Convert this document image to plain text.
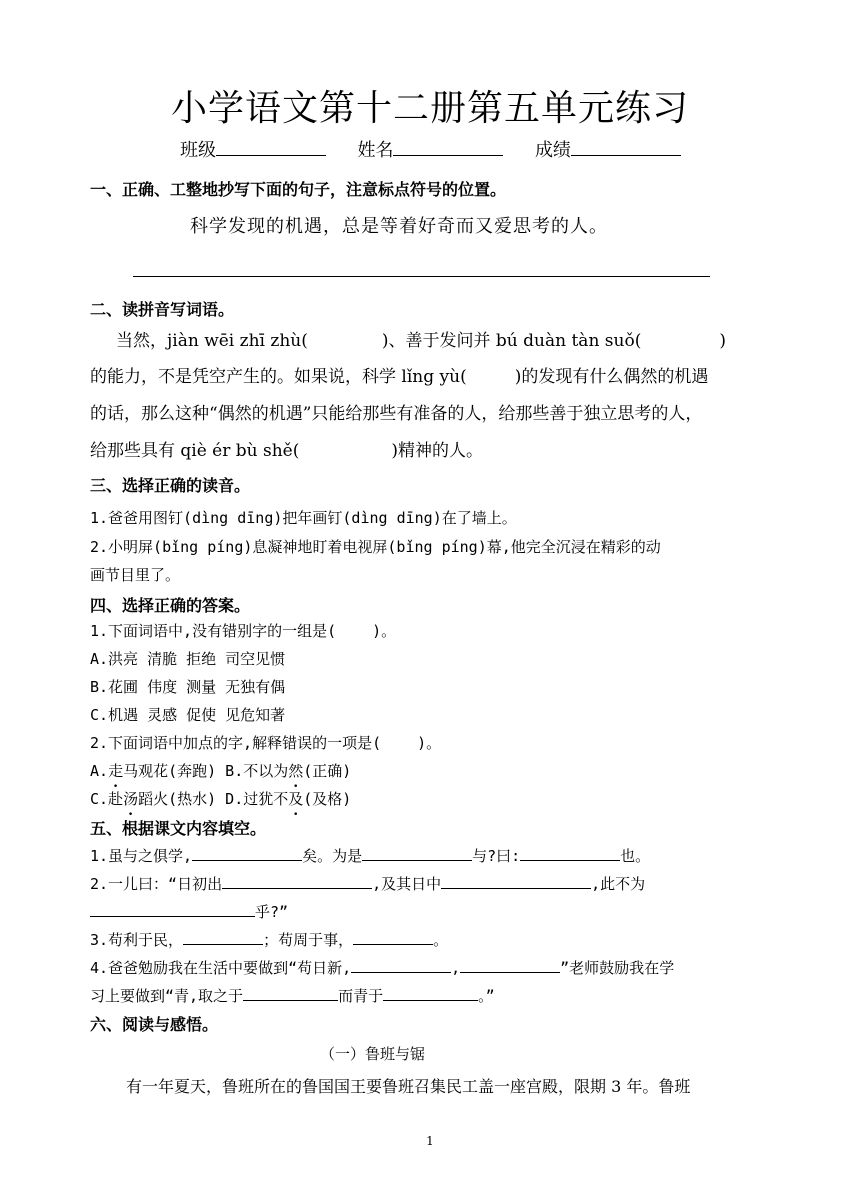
小学语文第十二册第五单元练习
班级	姓名	成绩
一、正确、工整地抄写下面的句子，注意标点符号的位置。
科学发现的机遇，总是等着好奇而又爱思考的人。
二、读拼音写词语。
当然，jiàn wēi zhī zhù(	)、善于发问并 bú duàn tàn suǒ(	)
的能力，不是凭空产生的。如果说，科学 lǐng yù(	)的发现有什么偶然的机遇
的话，那么这种“偶然的机遇”只能给那些有准备的人，给那些善于独立思考的人，
给那些具有 qiè ér bù shě(	)精神的人。
三、选择正确的读音。
1.爸爸用图钉(dìng dīng)把年画钉(dìng dīng)在了墙上。
2.小明屏(bǐng píng)息凝神地盯着电视屏(bǐng píng)幕,他完全沉浸在精彩的动
画节目里了。
四、选择正确的答案。
1.下面词语中,没有错别字的一组是( )。
A.洪亮 清脆 拒绝 司空见惯
B.花圃 伟度 测量 无独有偶
C.机遇 灵感 促使 见危知著
2.下面词语中加点的字,解释错误的一项是( )。
A.走马观花(奔跑) B.不以为然(正确)
C.赴汤蹈火(热水) D.过犹不及(及格)
五、根据课文内容填空。
1.虽与之俱学,	矣。为是	与?曰:	也。
2.一儿曰：“日初出	,及其日中	,此不为
乎?”
3.苟利于民，	；苟周于事，	。
4.爸爸勉励我在生活中要做到“苟日新,	,	”老师鼓励我在学
习上要做到“青,取之于	而青于	。”
六、阅读与感悟。
（一）鲁班与锯
有一年夏天，鲁班所在的鲁国国王要鲁班召集民工盖一座宫殿，限期 3 年。鲁班
1
